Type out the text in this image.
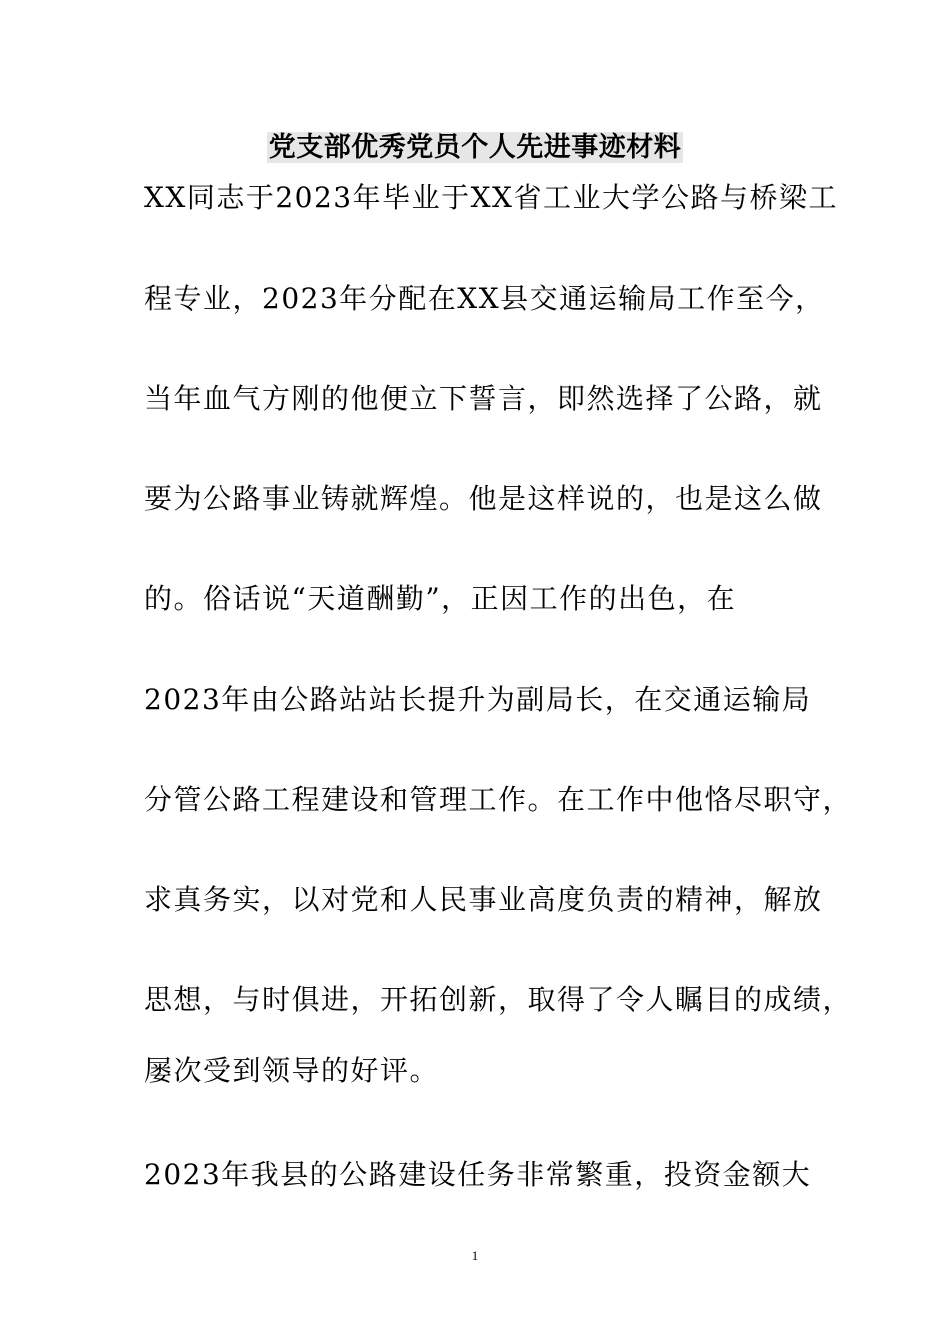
党支部优秀党员个人先进事迹材料
XX同志于2023年毕业于XX省工业大学公路与桥梁工
程专业，2023年分配在XX县交通运输局工作至今，
当年血气方刚的他便立下誓言，即然选择了公路，就
要为公路事业铸就辉煌。他是这样说的，也是这么做
的。俗话说“天道酬勤”，正因工作的出色，在
2023年由公路站站长提升为副局长，在交通运输局
分管公路工程建设和管理工作。在工作中他恪尽职守，
求真务实，以对党和人民事业高度负责的精神，解放
思想，与时俱进，开拓创新，取得了令人瞩目的成绩，
屡次受到领导的好评。
2023年我县的公路建设任务非常繁重，投资金额大
1
